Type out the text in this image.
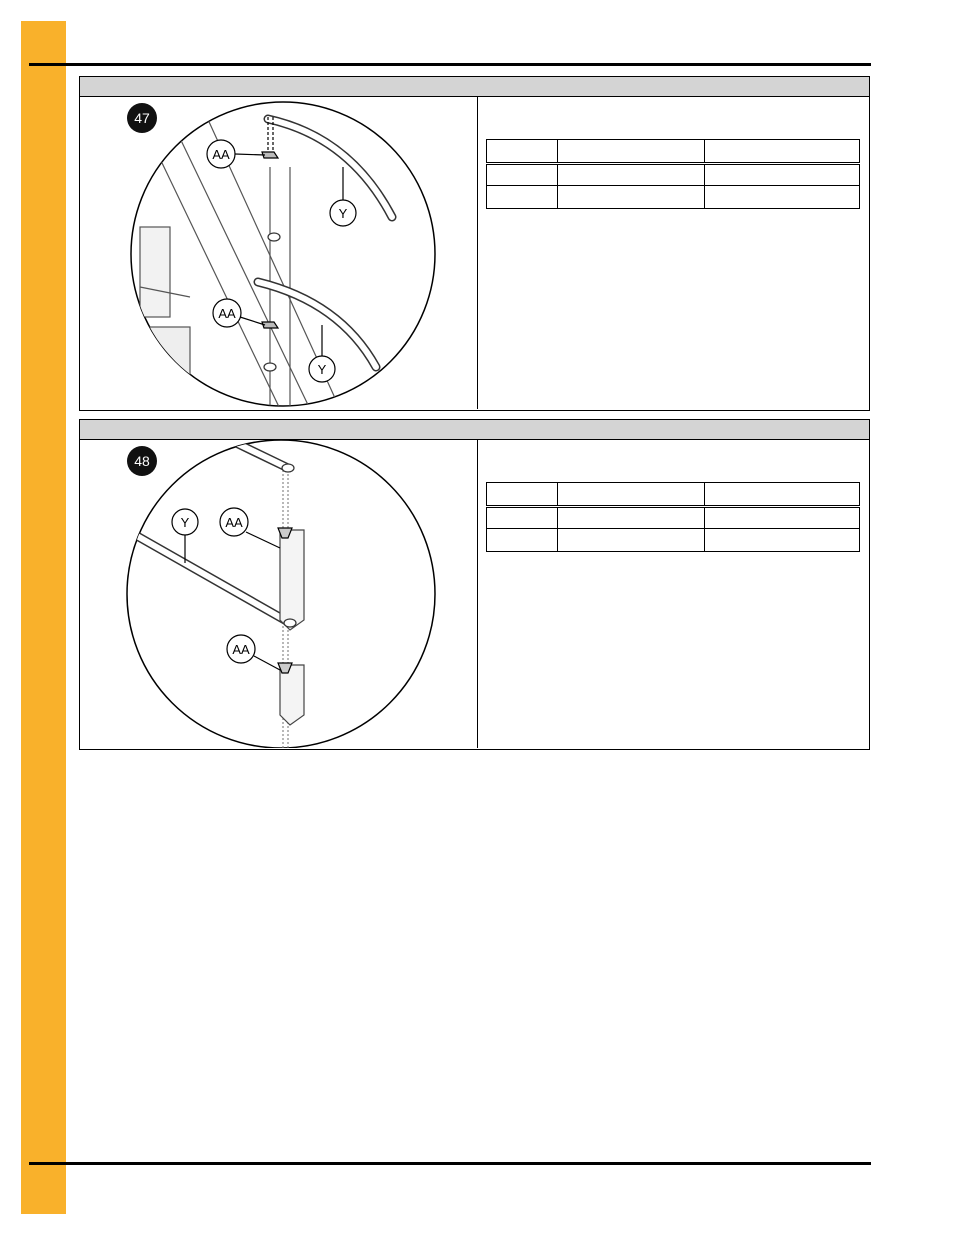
47
AA
Y
AA
Y

48
Y	AA
AA
